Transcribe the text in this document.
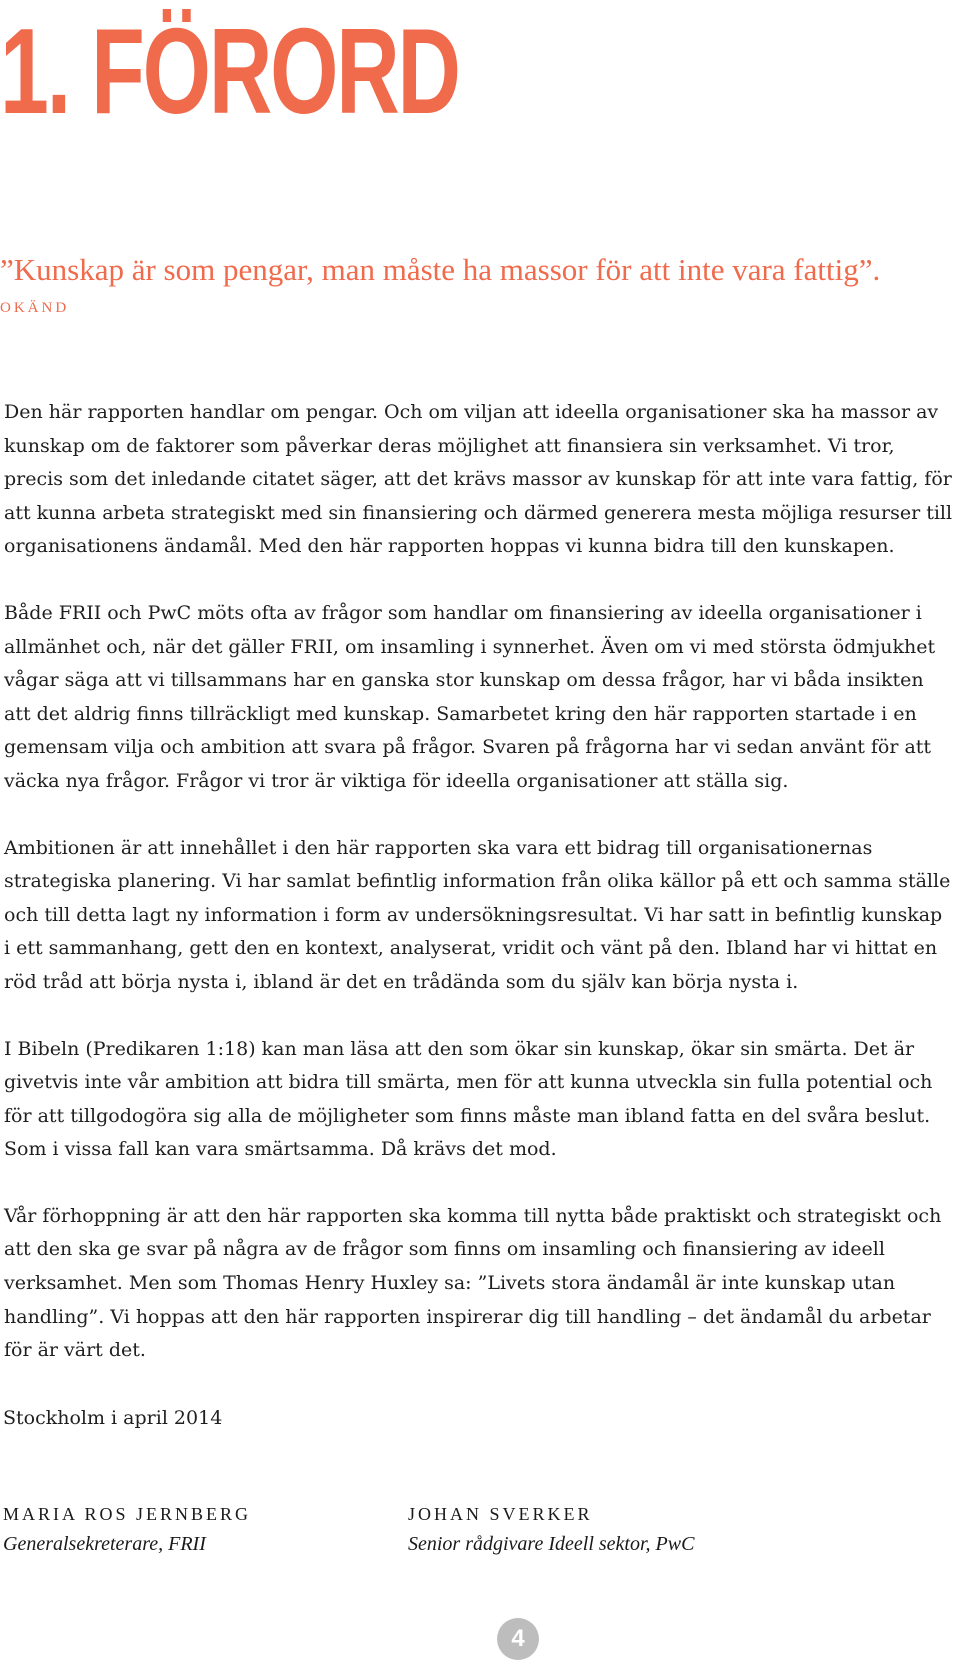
1. FÖRORD

”Kunskap är som pengar, man måste ha massor för att inte vara fattig”.

OKÄND

Den här rapporten handlar om pengar. Och om viljan att ideella organisationer ska ha massor av kunskap om de faktorer som påverkar deras möjlighet att finansiera sin verksamhet. Vi tror, precis som det inledande citatet säger, att det krävs massor av kunskap för att inte vara fattig, för att kunna arbeta strategiskt med sin finansiering och därmed generera mesta möjliga resurser till organisationens ändamål. Med den här rapporten hoppas vi kunna bidra till den kunskapen.

Både FRII och PwC möts ofta av frågor som handlar om finansiering av ideella organisationer i allmänhet och, när det gäller FRII, om insamling i synnerhet. Även om vi med största ödmjukhet vågar säga att vi tillsammans har en ganska stor kunskap om dessa frågor, har vi båda insikten att det aldrig finns tillräckligt med kunskap. Samarbetet kring den här rapporten startade i en gemensam vilja och ambition att svara på frågor. Svaren på frågorna har vi sedan använt för att väcka nya frågor. Frågor vi tror är viktiga för ideella organisationer att ställa sig.

Ambitionen är att innehållet i den här rapporten ska vara ett bidrag till organisationernas strategiska planering. Vi har samlat befintlig information från olika källor på ett och samma ställe och till detta lagt ny information i form av undersökningsresultat. Vi har satt in befintlig kunskap i ett sammanhang, gett den en kontext, analyserat, vridit och vänt på den. Ibland har vi hittat en röd tråd att börja nysta i, ibland är det en trådända som du själv kan börja nysta i.

I Bibeln (Predikaren 1:18) kan man läsa att den som ökar sin kunskap, ökar sin smärta. Det är givetvis inte vår ambition att bidra till smärta, men för att kunna utveckla sin fulla potential och för att tillgodogöra sig alla de möjligheter som finns måste man ibland fatta en del svåra beslut. Som i vissa fall kan vara smärtsamma. Då krävs det mod.

Vår förhoppning är att den här rapporten ska komma till nytta både praktiskt och strategiskt och att den ska ge svar på några av de frågor som finns om insamling och finansiering av ideell verksamhet. Men som Thomas Henry Huxley sa: ”Livets stora ändamål är inte kunskap utan handling”. Vi hoppas att den här rapporten inspirerar dig till handling – det ändamål du arbetar för är värt det.

Stockholm i april 2014
MARIA ROS JERNBERG
Generalsekreterare, FRII
JOHAN SVERKER
Senior rådgivare Ideell sektor, PwC
4
